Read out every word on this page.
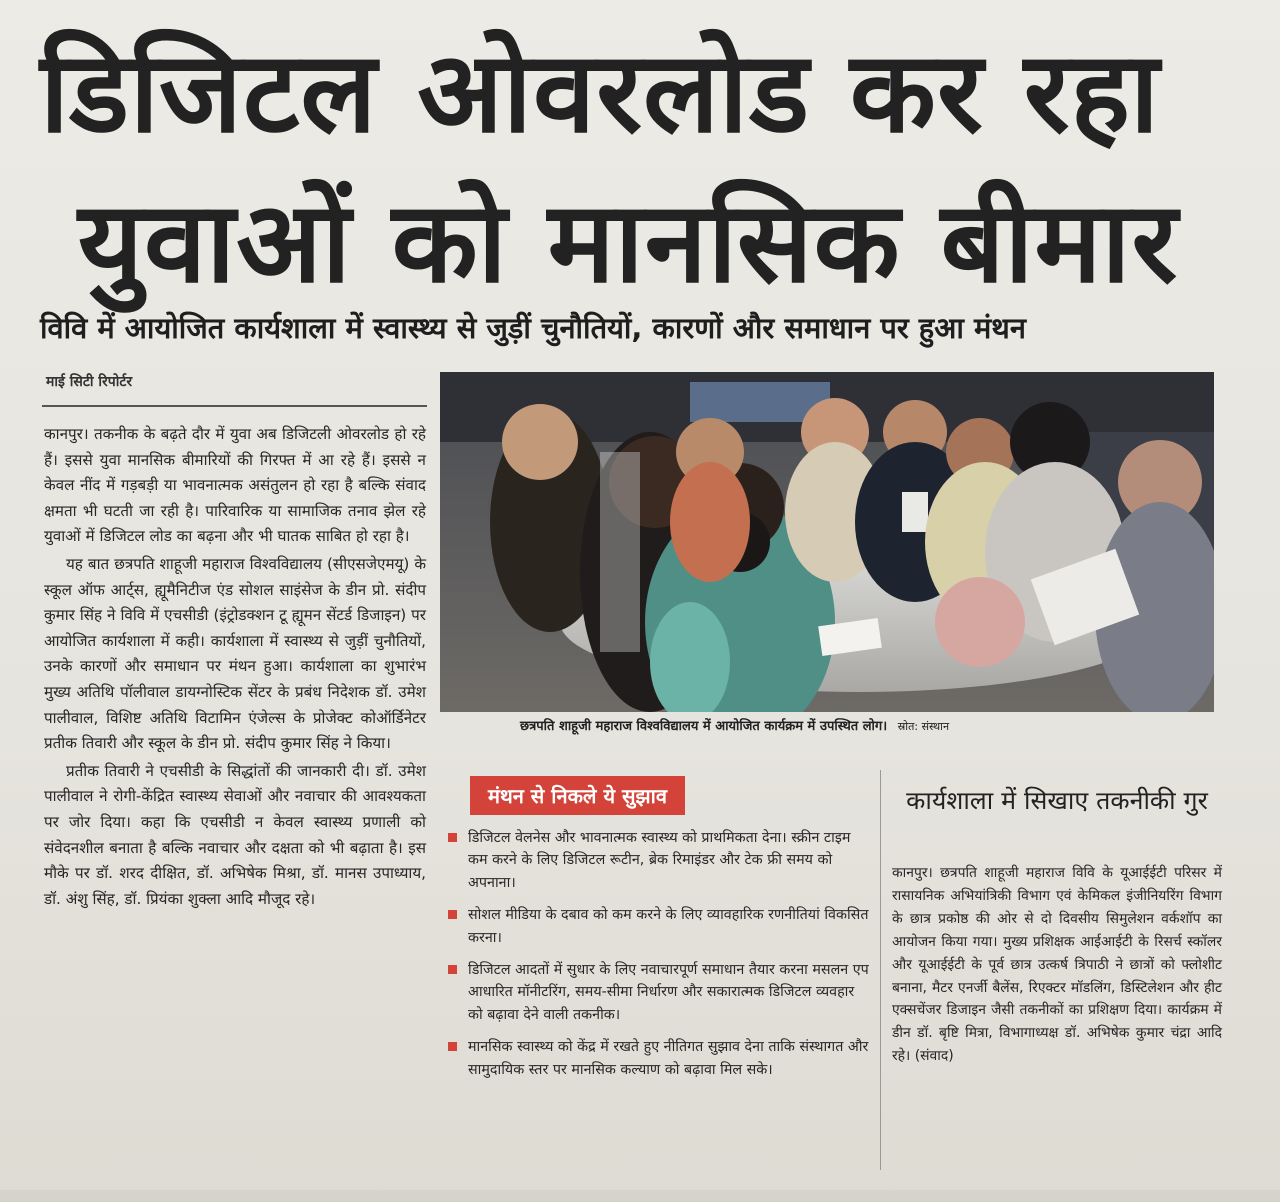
डिजिटल ओवरलोड कर रहा
युवाओं को मानसिक बीमार
विवि में आयोजित कार्यशाला में स्वास्थ्य से जुड़ीं चुनौतियों, कारणों और समाधान पर हुआ मंथन
माई सिटी रिपोर्टर

कानपुर। तकनीक के बढ़ते दौर में युवा अब डिजिटली ओवरलोड हो रहे हैं। इससे युवा मानसिक बीमारियों की गिरफ्त में आ रहे हैं। इससे न केवल नींद में गड़बड़ी या भावनात्मक असंतुलन हो रहा है बल्कि संवाद क्षमता भी घटती जा रही है। पारिवारिक या सामाजिक तनाव झेल रहे युवाओं में डिजिटल लोड का बढ़ना और भी घातक साबित हो रहा है।

यह बात छत्रपति शाहूजी महाराज विश्वविद्यालय (सीएसजेएमयू) के स्कूल ऑफ आर्ट्स, ह्यूमैनिटीज एंड सोशल साइंसेज के डीन प्रो. संदीप कुमार सिंह ने विवि में एचसीडी (इंट्रोडक्शन टू ह्यूमन सेंटर्ड डिजाइन) पर आयोजित कार्यशाला में कही। कार्यशाला में स्वास्थ्य से जुड़ीं चुनौतियों, उनके कारणों और समाधान पर मंथन हुआ। कार्यशाला का शुभारंभ मुख्य अतिथि पॉलीवाल डायग्नोस्टिक सेंटर के प्रबंध निदेशक डॉ. उमेश पालीवाल, विशिष्ट अतिथि विटामिन एंजेल्स के प्रोजेक्ट कोऑर्डिनेटर प्रतीक तिवारी और स्कूल के डीन प्रो. संदीप कुमार सिंह ने किया।

प्रतीक तिवारी ने एचसीडी के सिद्धांतों की जानकारी दी। डॉ. उमेश पालीवाल ने रोगी-केंद्रित स्वास्थ्य सेवाओं और नवाचार की आवश्यकता पर जोर दिया। कहा कि एचसीडी न केवल स्वास्थ्य प्रणाली को संवेदनशील बनाता है बल्कि नवाचार और दक्षता को भी बढ़ाता है। इस मौके पर डॉ. शरद दीक्षित, डॉ. अभिषेक मिश्रा, डॉ. मानस उपाध्याय, डॉ. अंशु सिंह, डॉ. प्रियंका शुक्ला आदि मौजूद रहे।

छत्रपति शाहूजी महाराज विश्वविद्यालय में आयोजित कार्यक्रम में उपस्थित लोग। स्रोत: संस्थान
मंथन से निकले ये सुझाव
डिजिटल वेलनेस और भावनात्मक स्वास्थ्य को प्राथमिकता देना। स्क्रीन टाइम कम करने के लिए डिजिटल रूटीन, ब्रेक रिमाइंडर और टेक फ्री समय को अपनाना।
सोशल मीडिया के दबाव को कम करने के लिए व्यावहारिक रणनीतियां विकसित करना।
डिजिटल आदतों में सुधार के लिए नवाचारपूर्ण समाधान तैयार करना मसलन एप आधारित मॉनीटरिंग, समय-सीमा निर्धारण और सकारात्मक डिजिटल व्यवहार को बढ़ावा देने वाली तकनीक।
मानसिक स्वास्थ्य को केंद्र में रखते हुए नीतिगत सुझाव देना ताकि संस्थागत और सामुदायिक स्तर पर मानसिक कल्याण को बढ़ावा मिल सके।
कार्यशाला में सिखाए तकनीकी गुर
कानपुर। छत्रपति शाहूजी महाराज विवि के यूआईईटी परिसर में रासायनिक अभियांत्रिकी विभाग एवं केमिकल इंजीनियरिंग विभाग के छात्र प्रकोष्ठ की ओर से दो दिवसीय सिमुलेशन वर्कशॉप का आयोजन किया गया। मुख्य प्रशिक्षक आईआईटी के रिसर्च स्कॉलर और यूआईईटी के पूर्व छात्र उत्कर्ष त्रिपाठी ने छात्रों को फ्लोशीट बनाना, मैटर एनर्जी बैलेंस, रिएक्टर मॉडलिंग, डिस्टिलेशन और हीट एक्सचेंजर डिजाइन जैसी तकनीकों का प्रशिक्षण दिया। कार्यक्रम में डीन डॉ. बृष्टि मित्रा, विभागाध्यक्ष डॉ. अभिषेक कुमार चंद्रा आदि रहे। (संवाद)
